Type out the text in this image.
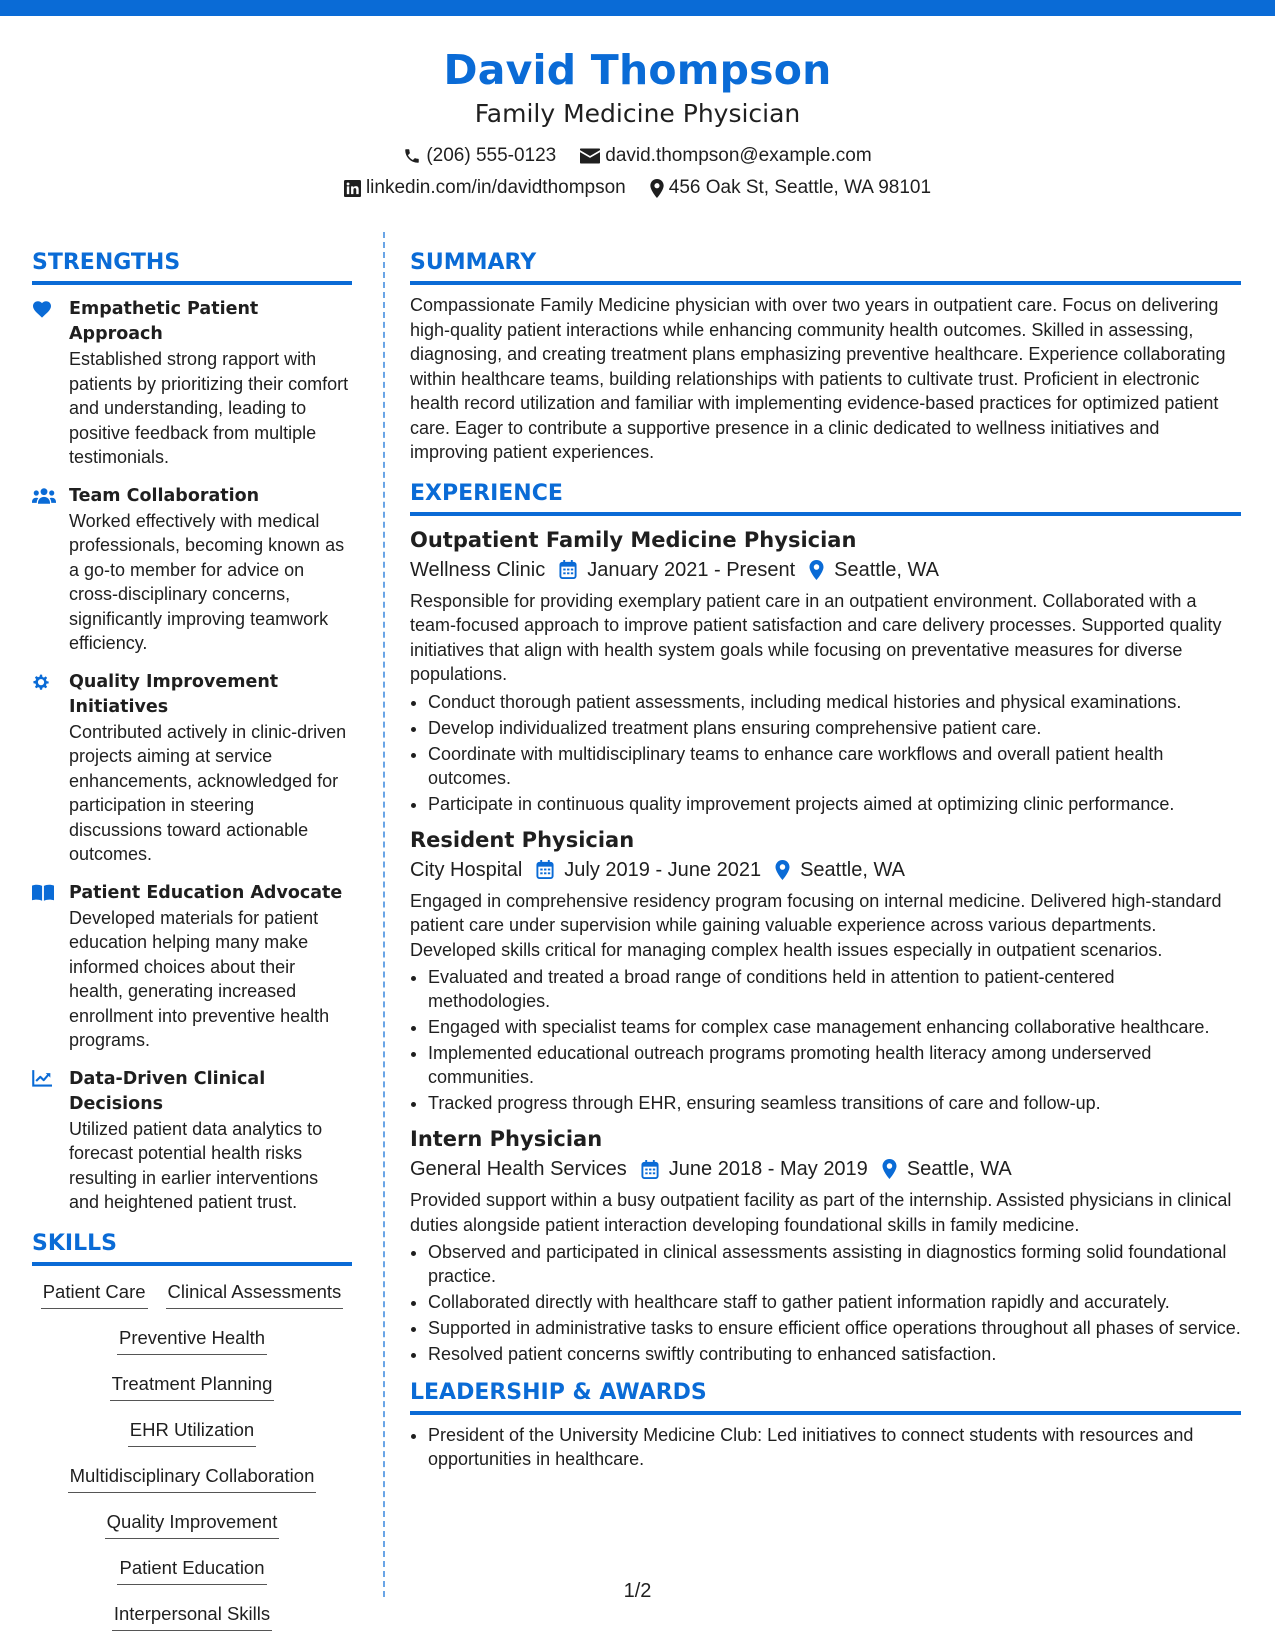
David Thompson
Family Medicine Physician
(206) 555-0123	david.thompson@example.com
linkedin.com/in/davidthompson 456 Oak St, Seattle, WA 98101
STRENGTHS
Empathetic Patient Approach
Established strong rapport with patients by prioritizing their comfort and understanding, leading to positive feedback from multiple testimonials.
Team Collaboration
Worked effectively with medical professionals, becoming known as a go-to member for advice on cross-disciplinary concerns, significantly improving teamwork efficiency.
Quality Improvement Initiatives
Contributed actively in clinic-driven projects aiming at service enhancements, acknowledged for participation in steering discussions toward actionable outcomes.
Patient Education Advocate
Developed materials for patient education helping many make informed choices about their health, generating increased enrollment into preventive health programs.
Data-Driven Clinical Decisions
Utilized patient data analytics to forecast potential health risks resulting in earlier interventions and heightened patient trust.
SKILLS
Patient Care Clinical Assessments
Preventive Health
Treatment Planning
EHR Utilization
Multidisciplinary Collaboration
Quality Improvement
Patient Education
Interpersonal Skills
SUMMARY
Compassionate Family Medicine physician with over two years in outpatient care. Focus on delivering high-quality patient interactions while enhancing community health outcomes. Skilled in assessing, diagnosing, and creating treatment plans emphasizing preventive healthcare. Experience collaborating within healthcare teams, building relationships with patients to cultivate trust. Proficient in electronic health record utilization and familiar with implementing evidence-based practices for optimized patient care. Eager to contribute a supportive presence in a clinic dedicated to wellness initiatives and improving patient experiences.
EXPERIENCE
Outpatient Family Medicine Physician
Wellness Clinic January 2021 - Present Seattle, WA
Responsible for providing exemplary patient care in an outpatient environment. Collaborated with a team-focused approach to improve patient satisfaction and care delivery processes. Supported quality initiatives that align with health system goals while focusing on preventative measures for diverse populations.
• Conduct thorough patient assessments, including medical histories and physical examinations.
• Develop individualized treatment plans ensuring comprehensive patient care.
• Coordinate with multidisciplinary teams to enhance care workflows and overall patient health outcomes.
• Participate in continuous quality improvement projects aimed at optimizing clinic performance.
Resident Physician
City Hospital July 2019 - June 2021 Seattle, WA
Engaged in comprehensive residency program focusing on internal medicine. Delivered high-standard patient care under supervision while gaining valuable experience across various departments. Developed skills critical for managing complex health issues especially in outpatient scenarios.
• Evaluated and treated a broad range of conditions held in attention to patient-centered methodologies.
• Engaged with specialist teams for complex case management enhancing collaborative healthcare.
• Implemented educational outreach programs promoting health literacy among underserved communities.
• Tracked progress through EHR, ensuring seamless transitions of care and follow-up.
Intern Physician
General Health Services June 2018 - May 2019 Seattle, WA
Provided support within a busy outpatient facility as part of the internship. Assisted physicians in clinical duties alongside patient interaction developing foundational skills in family medicine.
• Observed and participated in clinical assessments assisting in diagnostics forming solid foundational practice.
• Collaborated directly with healthcare staff to gather patient information rapidly and accurately.
• Supported in administrative tasks to ensure efficient office operations throughout all phases of service.
• Resolved patient concerns swiftly contributing to enhanced satisfaction.
LEADERSHIP & AWARDS
• President of the University Medicine Club: Led initiatives to connect students with resources and opportunities in healthcare.
1/2
